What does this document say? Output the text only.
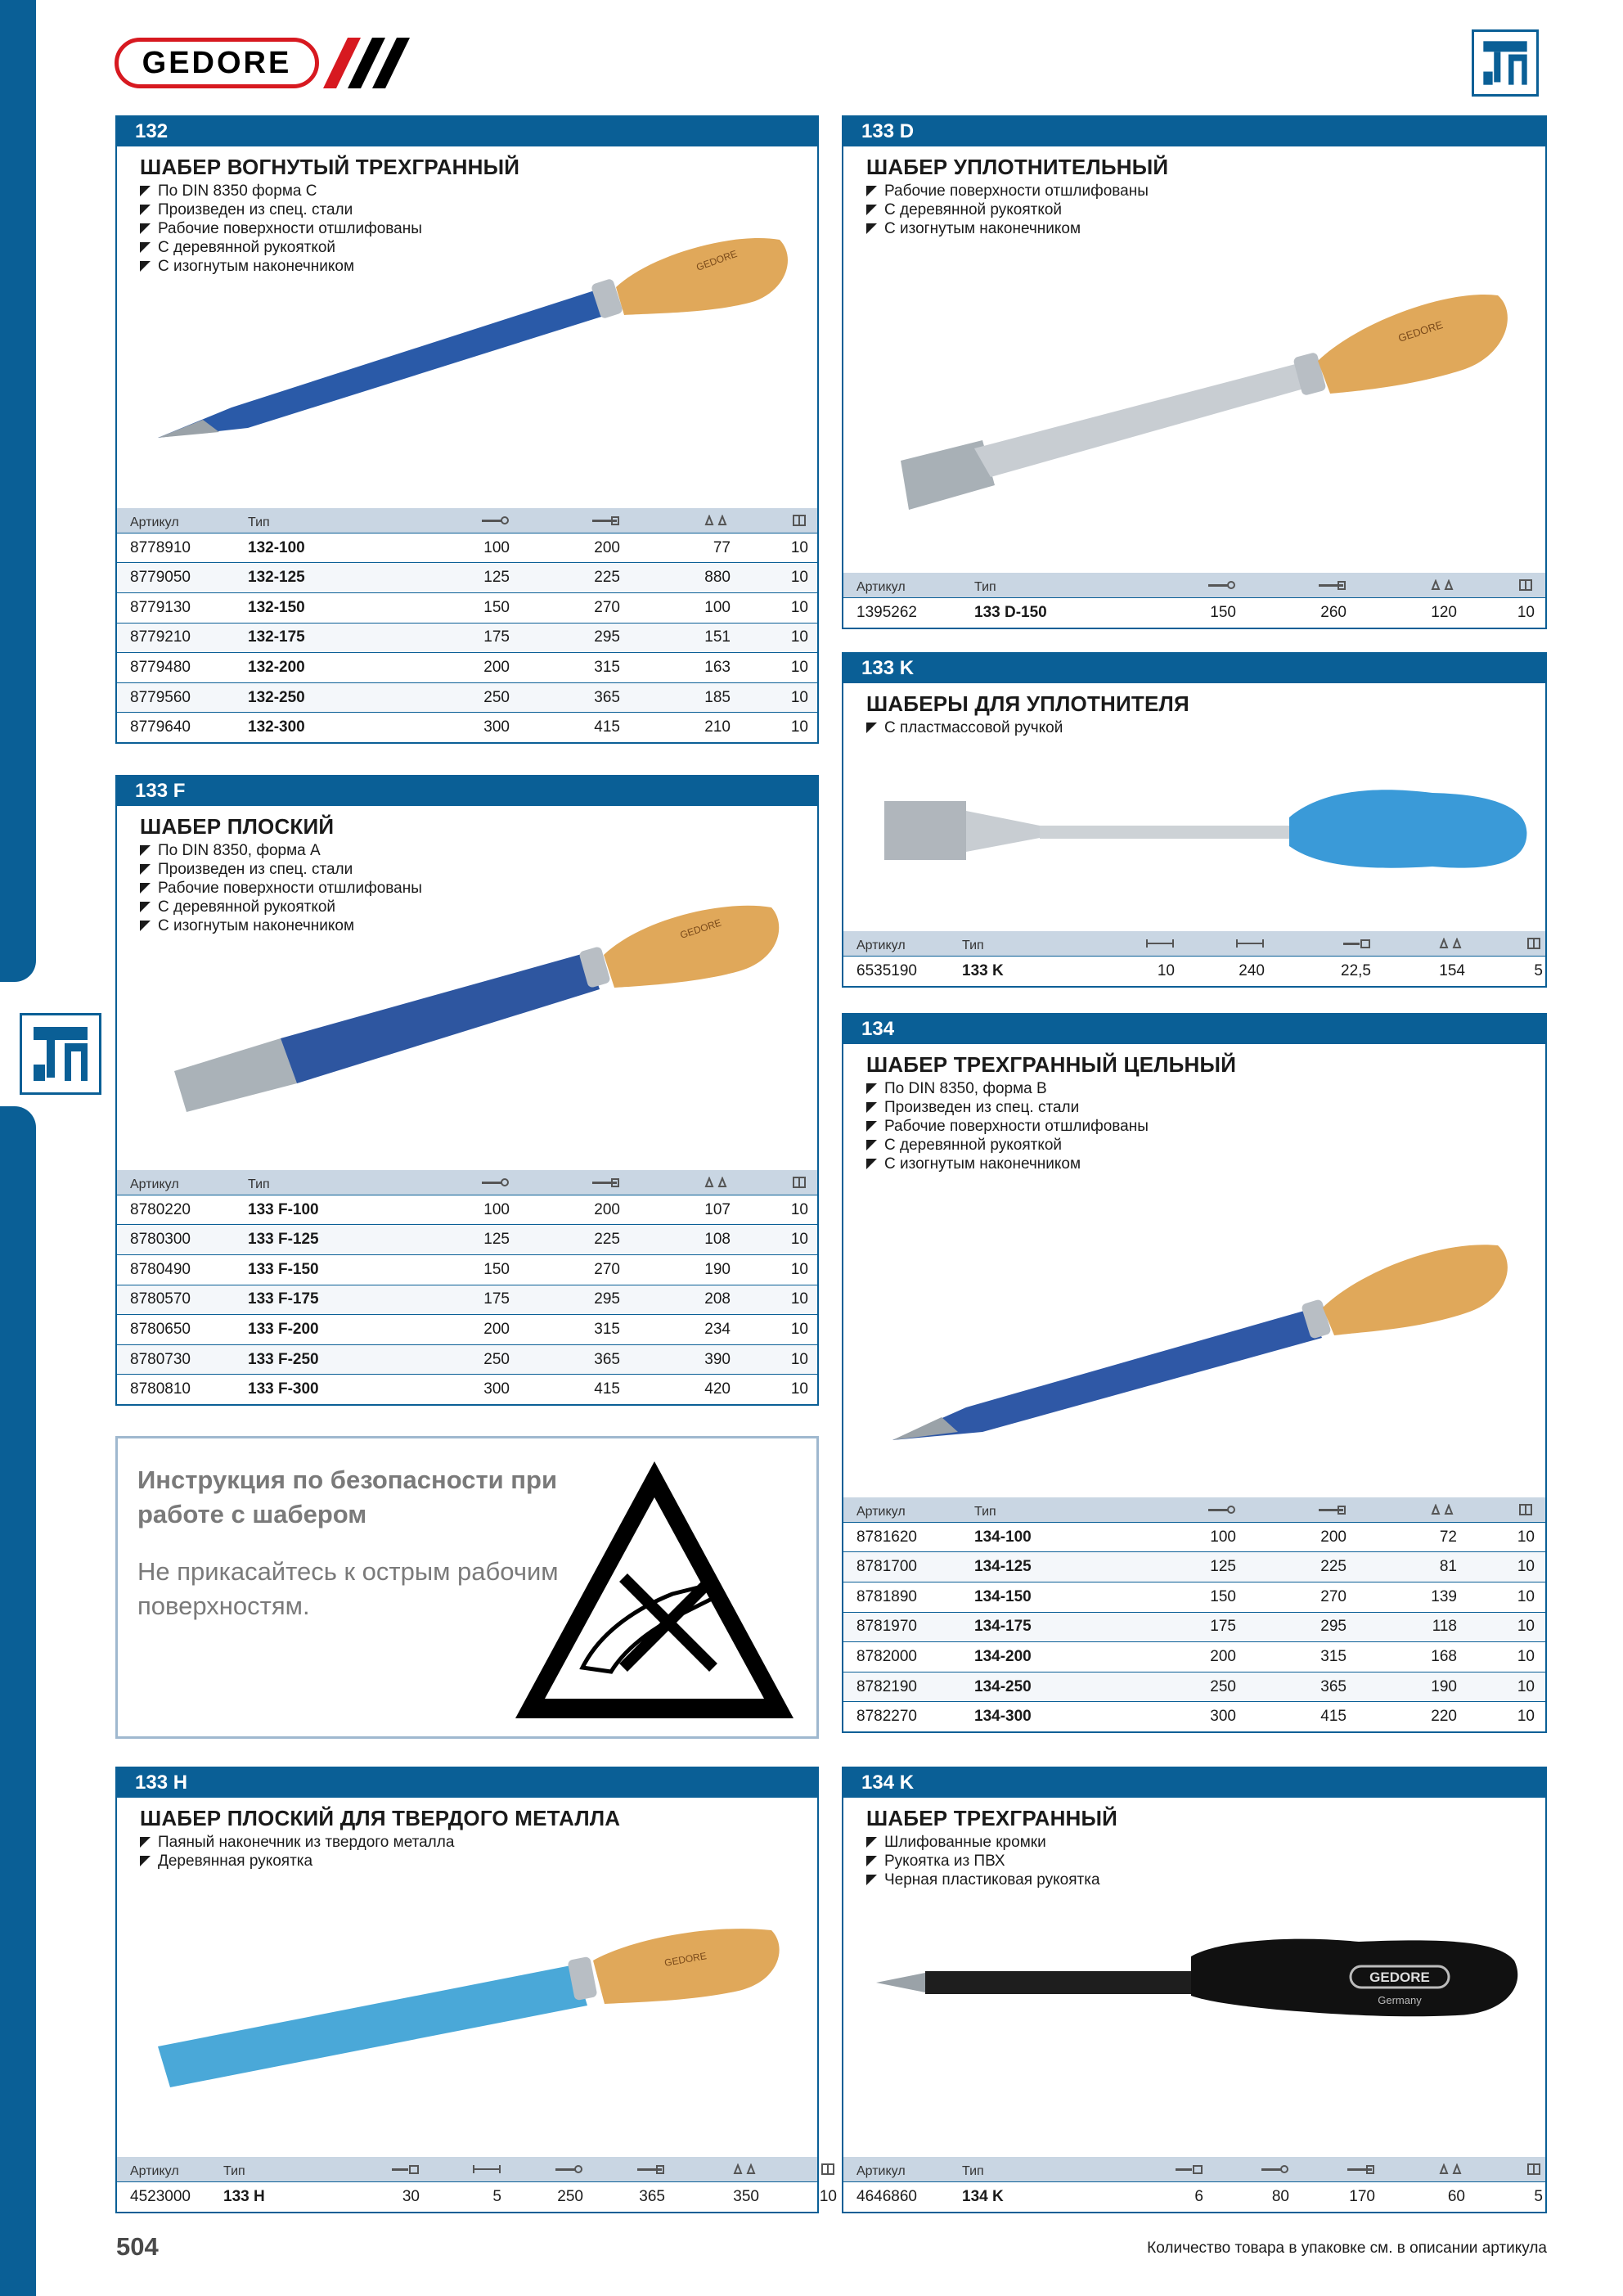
GEDORE
132
ШАБЕР ВОГНУТЫЙ ТРЕХГРАННЫЙ
По DIN 8350 форма С
Произведен из спец. стали
Рабочие поверхности отшлифованы
С деревянной рукояткой
С изогнутым наконечником	GEDORE
Артикул	Тип
8778910	132-100	100	200	77	10
8779050	132-125	125	225	880	10
8779130	132-150	150	270	100	10
8779210	132-175	175	295	151	10
8779480	132-200	200	315	163	10
8779560	132-250	250	365	185	10
8779640	132-300	300	415	210	10
133 D
ШАБЕР УПЛОТНИТЕЛЬНЫЙ
Рабочие поверхности отшлифованы
С деревянной рукояткой
С изогнутым наконечником
GEDORE
Артикул	Тип
1395262	133 D-150	150	260	120	10
133 K
ШАБЕРЫ ДЛЯ УПЛОТНИТЕЛЯ
С пластмассовой ручкой
Артикул	Тип
6535190	133 K	10	240	22,5	154	5
133 F
ШАБЕР ПЛОСКИЙ
По DIN 8350, форма А
Произведен из спец. стали
Рабочие поверхности отшлифованы
С деревянной рукояткой
С изогнутым наконечником	GEDORE
Артикул	Тип
8780220	133 F-100	100	200	107	10
8780300	133 F-125	125	225	108	10
8780490	133 F-150	150	270	190	10
8780570	133 F-175	175	295	208	10
8780650	133 F-200	200	315	234	10
8780730	133 F-250	250	365	390	10
8780810	133 F-300	300	415	420	10
134
ШАБЕР ТРЕХГРАННЫЙ ЦЕЛЬНЫЙ
По DIN 8350, форма В
Произведен из спец. стали
Рабочие поверхности отшлифованы
С деревянной рукояткой
С изогнутым наконечником
Артикул	Тип
8781620	134-100	100	200	72	10
8781700	134-125	125	225	81	10
8781890	134-150	150	270	139	10
8781970	134-175	175	295	118	10
8782000	134-200	200	315	168	10
8782190	134-250	250	365	190	10
8782270	134-300	300	415	220	10
Инструкция по безопасности при работе с шабером
Не прикасайтесь к острым рабочим поверхностям.
133 H
ШАБЕР ПЛОСКИЙ ДЛЯ ТВЕРДОГО МЕТАЛЛА
Паяный наконечник из твердого металла
Деревянная рукоятка
GEDORE
Артикул	Тип
4523000	133 H	30	5	250	365	350	10
134 K
ШАБЕР ТРЕХГРАННЫЙ
Шлифованные кромки
Рукоятка из ПВХ
Черная пластиковая рукоятка
GEDORE
Germany
Артикул	Тип
4646860	134 K	6	80	170	60	5
504	Количество товара в упаковке см. в описании артикула
